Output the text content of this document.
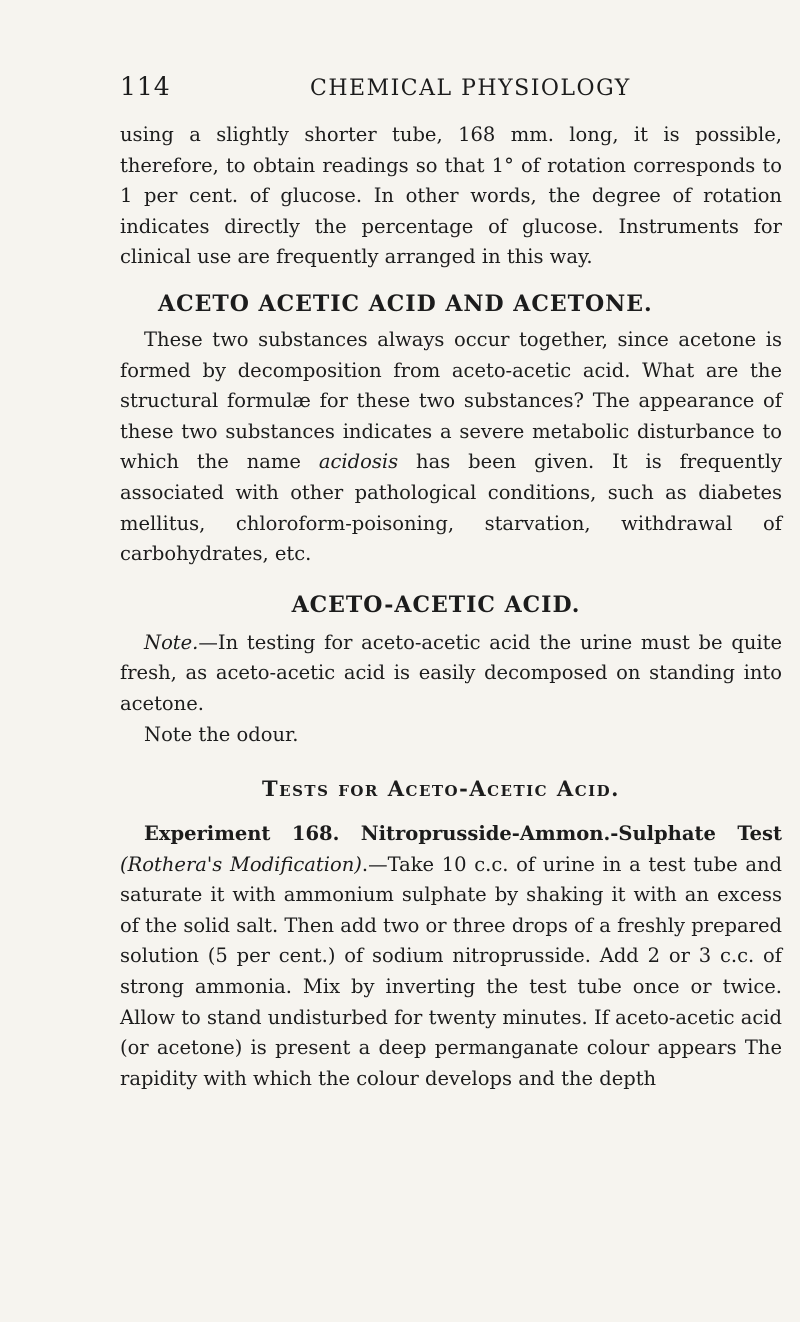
114	CHEMICAL PHYSIOLOGY

using a slightly shorter tube, 168 mm. long, it is possible, therefore, to obtain readings so that 1° of rotation corresponds to 1 per cent. of glucose. In other words, the degree of rotation indicates directly the percentage of glucose. Instruments for clinical use are frequently arranged in this way.

ACETO ACETIC ACID AND ACETONE.

These two substances always occur together, since acetone is formed by decomposition from aceto-acetic acid. What are the structural formulæ for these two substances? The appearance of these two substances indicates a severe metabolic disturbance to which the name acidosis has been given. It is frequently associated with other pathological conditions, such as diabetes mellitus, chloroform-poisoning, starvation, withdrawal of carbohydrates, etc.

ACETO-ACETIC ACID.

Note.—In testing for aceto-acetic acid the urine must be quite fresh, as aceto-acetic acid is easily decomposed on standing into acetone.

Note the odour.

Tests for Aceto-Acetic Acid.

Experiment 168. Nitroprusside-Ammon.-Sulphate Test (Rothera's Modification).—Take 10 c.c. of urine in a test tube and saturate it with ammonium sulphate by shaking it with an excess of the solid salt. Then add two or three drops of a freshly prepared solution (5 per cent.) of sodium nitroprusside. Add 2 or 3 c.c. of strong ammonia. Mix by inverting the test tube once or twice. Allow to stand undisturbed for twenty minutes. If aceto-acetic acid (or acetone) is present a deep permanganate colour appears The rapidity with which the colour develops and the depth
